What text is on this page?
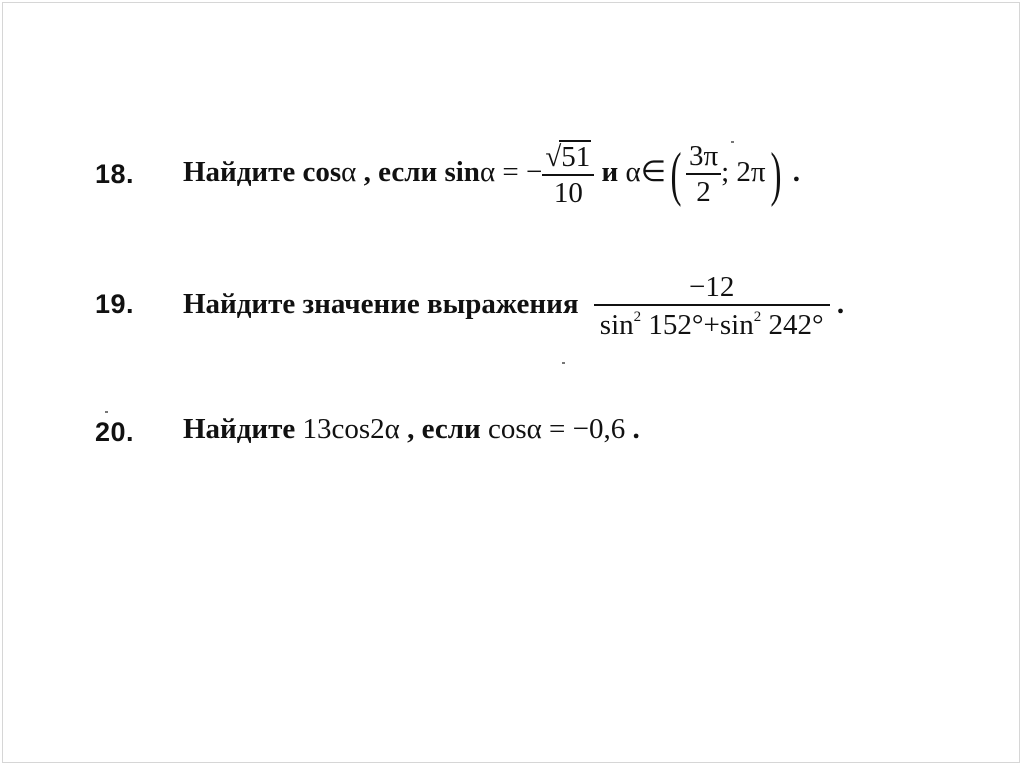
18. Найдите cosα , если sinα = − $\frac{√51}{10}$ и α∈( $\frac{3\pi}{2}$ ; 2π) .
19. Найдите значение выражения $\frac{-12}{\sin^2 152^\circ+\sin^2 242^\circ}$ .
20. Найдите 13cos2α , если cosα = −0,6 .
